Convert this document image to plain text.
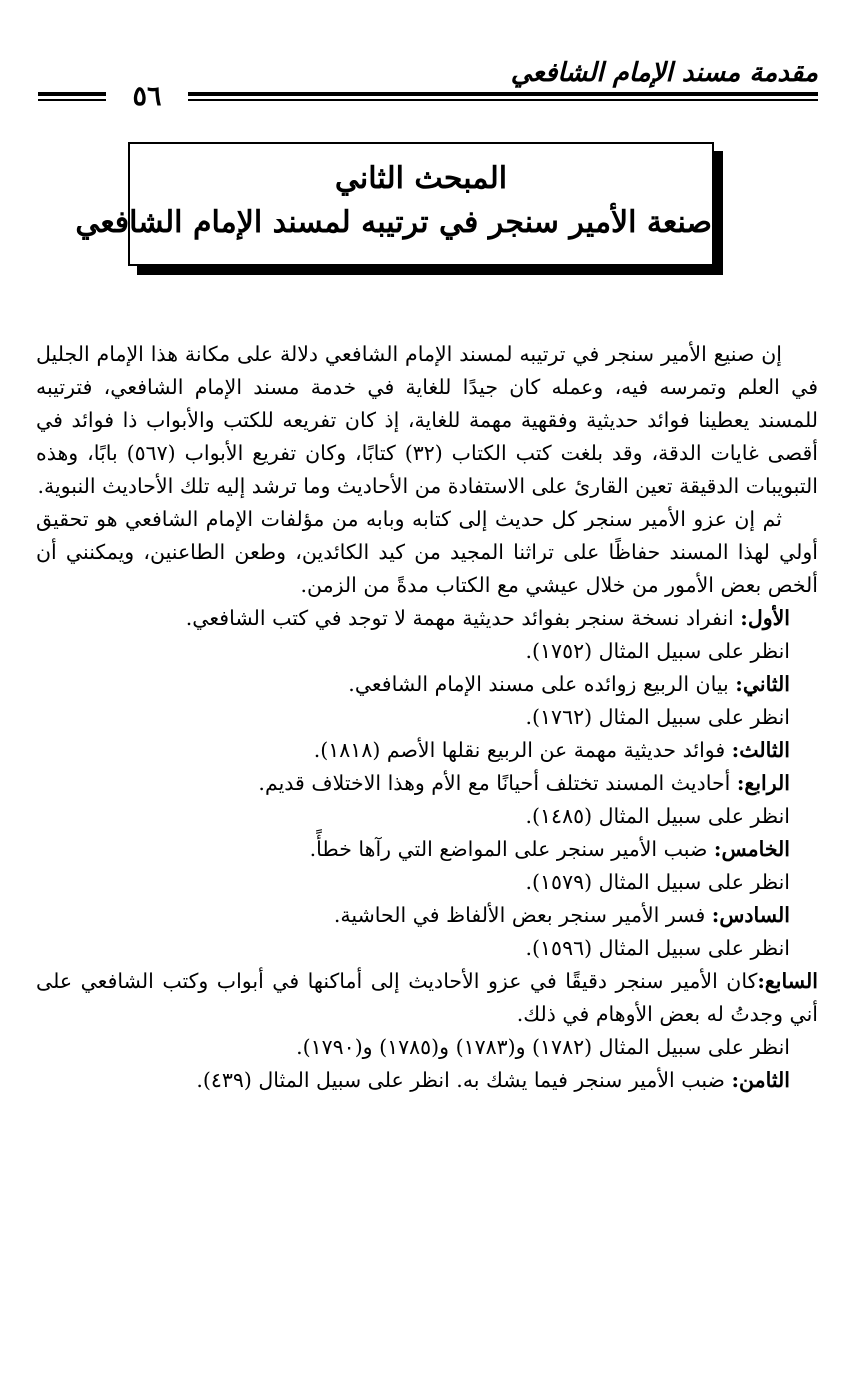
مقدمة مسند الإمام الشافعي
٥٦
المبحث الثاني
صنعة الأمير سنجر في ترتيبه لمسند الإمام الشافعي

إن صنيع الأمير سنجر في ترتيبه لمسند الإمام الشافعي دلالة على مكانة هذا الإمام الجليل في العلم وتمرسه فيه، وعمله كان جيدًا للغاية في خدمة مسند الإمام الشافعي، فترتيبه للمسند يعطينا فوائد حديثية وفقهية مهمة للغاية، إذ كان تفريعه للكتب والأبواب ذا فوائد في أقصى غايات الدقة، وقد بلغت كتب الكتاب (٣٢) كتابًا، وكان تفريع الأبواب (٥٦٧) بابًا، وهذه التبويبات الدقيقة تعين القارئ على الاستفادة من الأحاديث وما ترشد إليه تلك الأحاديث النبوية.

ثم إن عزو الأمير سنجر كل حديث إلى كتابه وبابه من مؤلفات الإمام الشافعي هو تحقيق أولي لهذا المسند حفاظًا على تراثنا المجيد من كيد الكائدين، وطعن الطاعنين، ويمكنني أن ألخص بعض الأمور من خلال عيشي مع الكتاب مدةً من الزمن.

الأول: انفراد نسخة سنجر بفوائد حديثية مهمة لا توجد في كتب الشافعي.

انظر على سبيل المثال (١٧٥٢).

الثاني: بيان الربيع زوائده على مسند الإمام الشافعي.

انظر على سبيل المثال (١٧٦٢).

الثالث: فوائد حديثية مهمة عن الربيع نقلها الأصم (١٨١٨).

الرابع: أحاديث المسند تختلف أحيانًا مع الأم وهذا الاختلاف قديم.

انظر على سبيل المثال (١٤٨٥).

الخامس: ضبب الأمير سنجر على المواضع التي رآها خطأً.

انظر على سبيل المثال (١٥٧٩).

السادس: فسر الأمير سنجر بعض الألفاظ في الحاشية.

انظر على سبيل المثال (١٥٩٦).

السابع:كان الأمير سنجر دقيقًا في عزو الأحاديث إلى أماكنها في أبواب وكتب الشافعي على أني وجدتُ له بعض الأوهام في ذلك.

انظر على سبيل المثال (١٧٨٢) و(١٧٨٣) و(١٧٨٥) و(١٧٩٠).

الثامن: ضبب الأمير سنجر فيما يشك به. انظر على سبيل المثال (٤٣٩).
